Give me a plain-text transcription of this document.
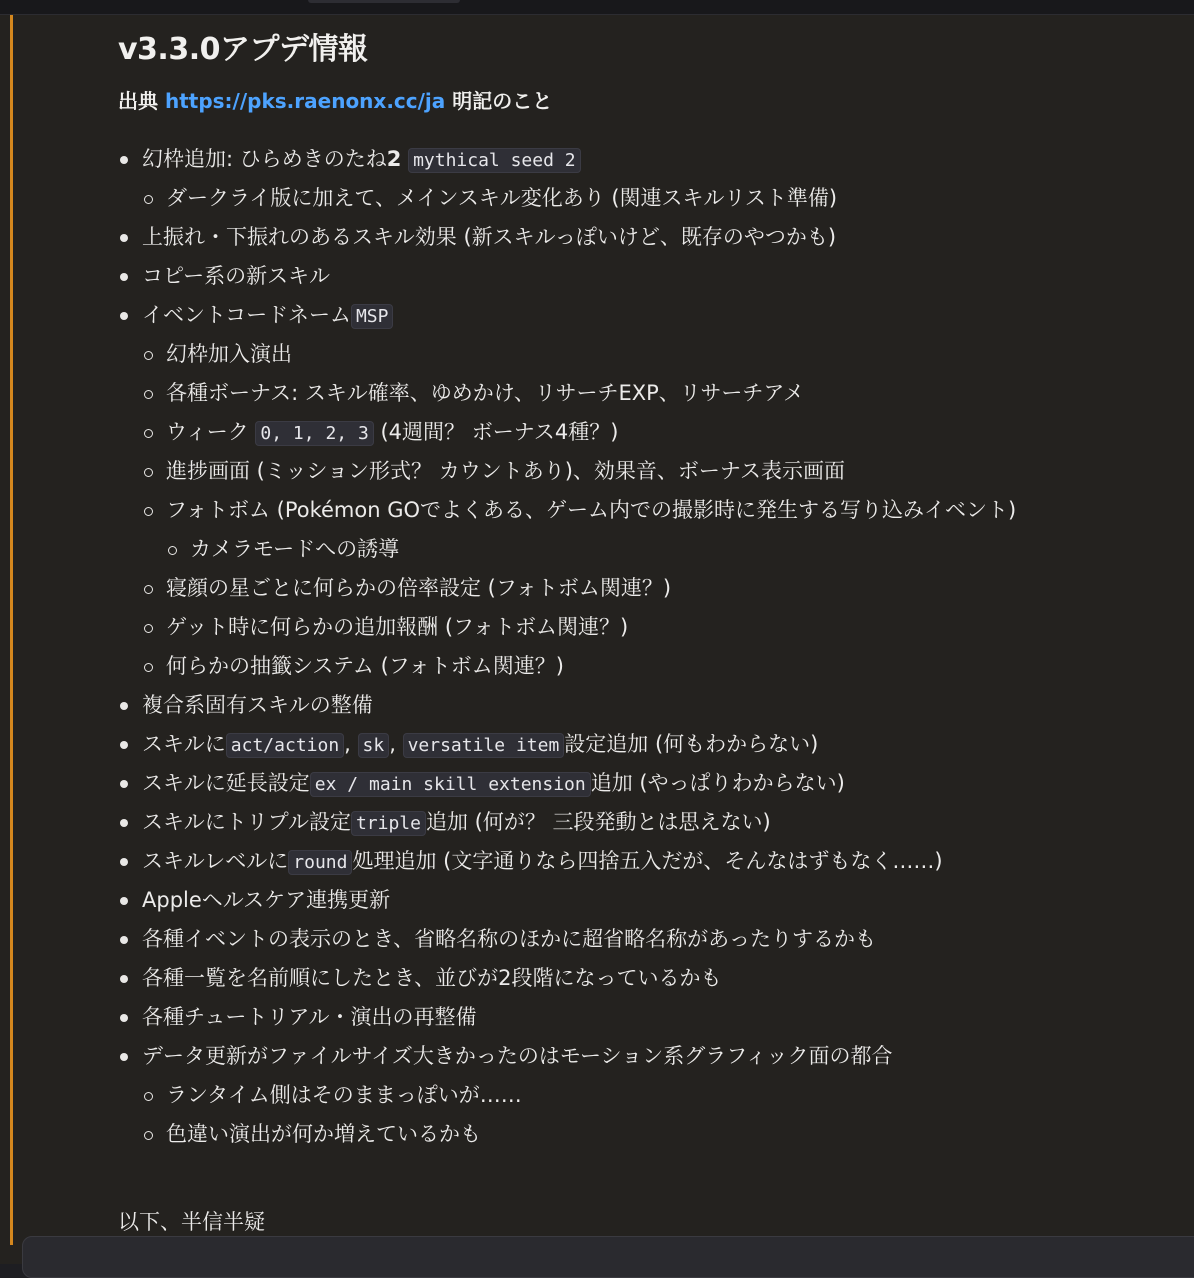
v3.3.0アプデ情報
出典 https://pks.raenonx.cc/ja 明記のこと
幻枠追加: ひらめきのたね2 mythical seed 2
ダークライ版に加えて、メインスキル変化あり (関連スキルリスト準備)
上振れ・下振れのあるスキル効果 (新スキルっぽいけど、既存のやつかも)
コピー系の新スキル
イベントコードネーム MSP
幻枠加入演出
各種ボーナス: スキル確率、ゆめかけ、リサーチEXP、リサーチアメ
ウィーク 0, 1, 2, 3 (4週間？ ボーナス4種？)
進捗画面 (ミッション形式？ カウントあり)、効果音、ボーナス表示画面
フォトボム (Pokémon GOでよくある、ゲーム内での撮影時に発生する写り込みイベント)
カメラモードへの誘導
寝顔の星ごとに何らかの倍率設定 (フォトボム関連？)
ゲット時に何らかの追加報酬 (フォトボム関連？)
何らかの抽籤システム (フォトボム関連？)
複合系固有スキルの整備
スキルに act/action , sk , versatile item 設定追加 (何もわからない)
スキルに延長設定 ex / main skill extension 追加 (やっぱりわからない)
スキルにトリプル設定 triple 追加 (何が？ 三段発動とは思えない)
スキルレベルに round 処理追加 (文字通りなら四捨五入だが、そんなはずもなく……)
Appleヘルスケア連携更新
各種イベントの表示のとき、省略名称のほかに超省略名称があったりするかも
各種一覧を名前順にしたとき、並びが2段階になっているかも
各種チュートリアル・演出の再整備
データ更新がファイルサイズ大きかったのはモーション系グラフィック面の都合
ランタイム側はそのままっぽいが……
色違い演出が何か増えているかも
以下、半信半疑
